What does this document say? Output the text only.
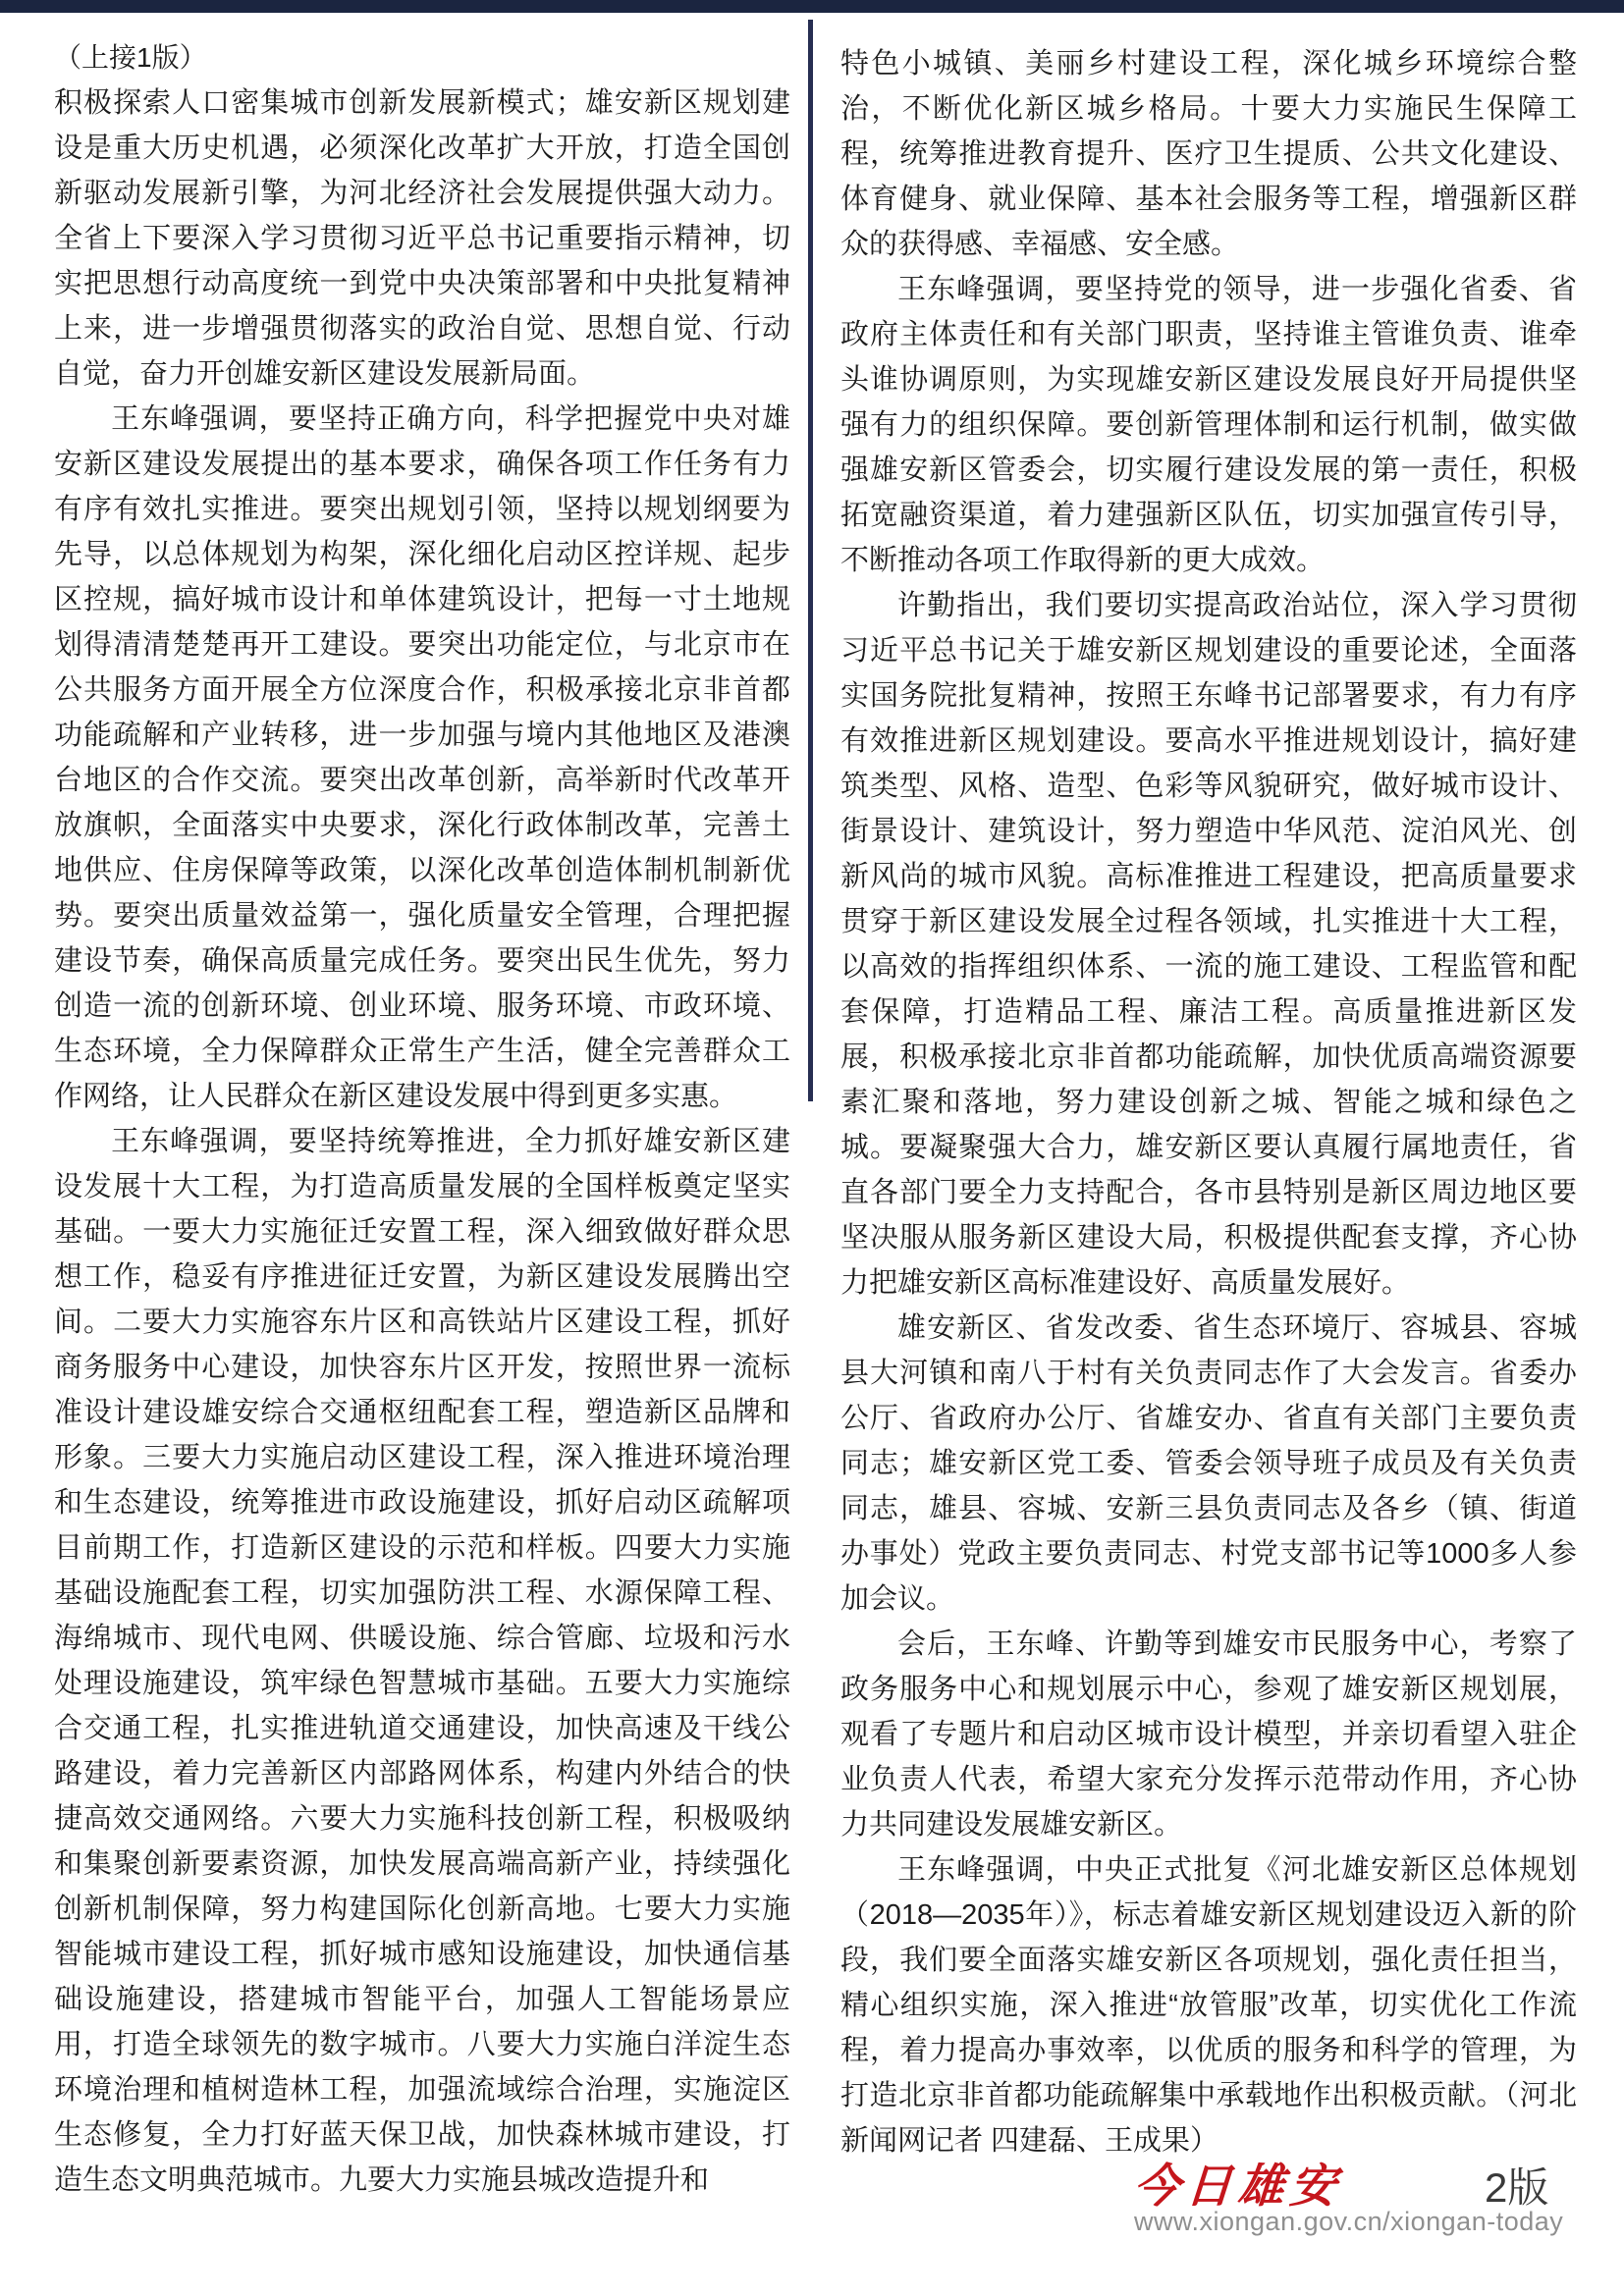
（上接1版）

积极探索人口密集城市创新发展新模式；雄安新区规划建设是重大历史机遇，必须深化改革扩大开放，打造全国创新驱动发展新引擎，为河北经济社会发展提供强大动力。全省上下要深入学习贯彻习近平总书记重要指示精神，切实把思想行动高度统一到党中央决策部署和中央批复精神上来，进一步增强贯彻落实的政治自觉、思想自觉、行动自觉，奋力开创雄安新区建设发展新局面。

王东峰强调，要坚持正确方向，科学把握党中央对雄安新区建设发展提出的基本要求，确保各项工作任务有力有序有效扎实推进。要突出规划引领，坚持以规划纲要为先导，以总体规划为构架，深化细化启动区控详规、起步区控规，搞好城市设计和单体建筑设计，把每一寸土地规划得清清楚楚再开工建设。要突出功能定位，与北京市在公共服务方面开展全方位深度合作，积极承接北京非首都功能疏解和产业转移，进一步加强与境内其他地区及港澳台地区的合作交流。要突出改革创新，高举新时代改革开放旗帜，全面落实中央要求，深化行政体制改革，完善土地供应、住房保障等政策，以深化改革创造体制机制新优势。要突出质量效益第一，强化质量安全管理，合理把握建设节奏，确保高质量完成任务。要突出民生优先，努力创造一流的创新环境、创业环境、服务环境、市政环境、生态环境，全力保障群众正常生产生活，健全完善群众工作网络，让人民群众在新区建设发展中得到更多实惠。

王东峰强调，要坚持统筹推进，全力抓好雄安新区建设发展十大工程，为打造高质量发展的全国样板奠定坚实基础。一要大力实施征迁安置工程，深入细致做好群众思想工作，稳妥有序推进征迁安置，为新区建设发展腾出空间。二要大力实施容东片区和高铁站片区建设工程，抓好商务服务中心建设，加快容东片区开发，按照世界一流标准设计建设雄安综合交通枢纽配套工程，塑造新区品牌和形象。三要大力实施启动区建设工程，深入推进环境治理和生态建设，统筹推进市政设施建设，抓好启动区疏解项目前期工作，打造新区建设的示范和样板。四要大力实施基础设施配套工程，切实加强防洪工程、水源保障工程、海绵城市、现代电网、供暖设施、综合管廊、垃圾和污水处理设施建设，筑牢绿色智慧城市基础。五要大力实施综合交通工程，扎实推进轨道交通建设，加快高速及干线公路建设，着力完善新区内部路网体系，构建内外结合的快捷高效交通网络。六要大力实施科技创新工程，积极吸纳和集聚创新要素资源，加快发展高端高新产业，持续强化创新机制保障，努力构建国际化创新高地。七要大力实施智能城市建设工程，抓好城市感知设施建设，加快通信基础设施建设，搭建城市智能平台，加强人工智能场景应用，打造全球领先的数字城市。八要大力实施白洋淀生态环境治理和植树造林工程，加强流域综合治理，实施淀区生态修复，全力打好蓝天保卫战，加快森林城市建设，打造生态文明典范城市。九要大力实施县城改造提升和

特色小城镇、美丽乡村建设工程，深化城乡环境综合整治，不断优化新区城乡格局。十要大力实施民生保障工程，统筹推进教育提升、医疗卫生提质、公共文化建设、体育健身、就业保障、基本社会服务等工程，增强新区群众的获得感、幸福感、安全感。

王东峰强调，要坚持党的领导，进一步强化省委、省政府主体责任和有关部门职责，坚持谁主管谁负责、谁牵头谁协调原则，为实现雄安新区建设发展良好开局提供坚强有力的组织保障。要创新管理体制和运行机制，做实做强雄安新区管委会，切实履行建设发展的第一责任，积极拓宽融资渠道，着力建强新区队伍，切实加强宣传引导，不断推动各项工作取得新的更大成效。

许勤指出，我们要切实提高政治站位，深入学习贯彻习近平总书记关于雄安新区规划建设的重要论述，全面落实国务院批复精神，按照王东峰书记部署要求，有力有序有效推进新区规划建设。要高水平推进规划设计，搞好建筑类型、风格、造型、色彩等风貌研究，做好城市设计、街景设计、建筑设计，努力塑造中华风范、淀泊风光、创新风尚的城市风貌。高标准推进工程建设，把高质量要求贯穿于新区建设发展全过程各领域，扎实推进十大工程，以高效的指挥组织体系、一流的施工建设、工程监管和配套保障，打造精品工程、廉洁工程。高质量推进新区发展，积极承接北京非首都功能疏解，加快优质高端资源要素汇聚和落地，努力建设创新之城、智能之城和绿色之城。要凝聚强大合力，雄安新区要认真履行属地责任，省直各部门要全力支持配合，各市县特别是新区周边地区要坚决服从服务新区建设大局，积极提供配套支撑，齐心协力把雄安新区高标准建设好、高质量发展好。

雄安新区、省发改委、省生态环境厅、容城县、容城县大河镇和南八于村有关负责同志作了大会发言。省委办公厅、省政府办公厅、省雄安办、省直有关部门主要负责同志；雄安新区党工委、管委会领导班子成员及有关负责同志，雄县、容城、安新三县负责同志及各乡（镇、街道办事处）党政主要负责同志、村党支部书记等1000多人参加会议。

会后，王东峰、许勤等到雄安市民服务中心，考察了政务服务中心和规划展示中心，参观了雄安新区规划展，观看了专题片和启动区城市设计模型，并亲切看望入驻企业负责人代表，希望大家充分发挥示范带动作用，齐心协力共同建设发展雄安新区。

王东峰强调，中央正式批复《河北雄安新区总体规划（2018—2035年）》，标志着雄安新区规划建设迈入新的阶段，我们要全面落实雄安新区各项规划，强化责任担当，精心组织实施，深入推进“放管服”改革，切实优化工作流程，着力提高办事效率，以优质的服务和科学的管理，为打造北京非首都功能疏解集中承载地作出积极贡献。（河北新闻网记者 四建磊、王成果）

今日雄安
www.xiongan.gov.cn/xiongan-today
2版
